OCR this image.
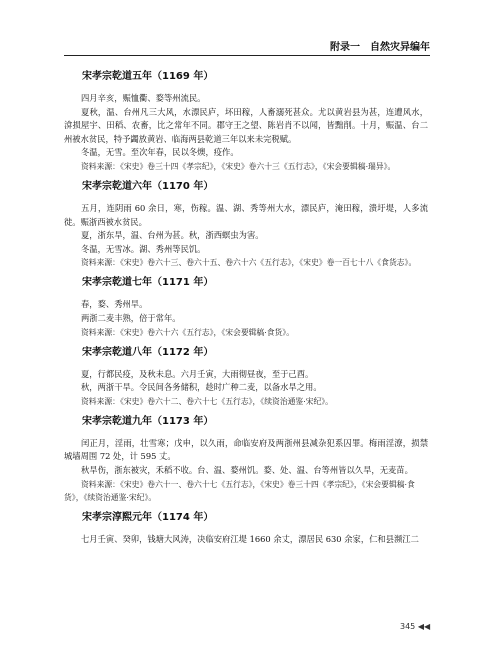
附录一　自然灾异编年
宋孝宗乾道五年（1169 年）

四月辛亥，赈恤衢、婺等州流民。

夏秋，温、台州凡三大风，水漂民庐，坏田稼，人畜溺死甚众。尤以黄岩县为甚，连遭风水，渰损屋宇、田稻、农畜，比之常年不同。郡守王之望、陈岩肖不以闻，皆黜削。十月，赈温、台二州被水贫民，特予蠲放黄岩、临海两县乾道三年以来未完税赋。

冬温，无雪。至次年春，民以冬燠，疫作。

资料来源：《宋史》卷三十四《孝宗纪》，《宋史》卷六十三《五行志》，《宋会要辑稿·瑞异》。

宋孝宗乾道六年（1170 年）

五月，连阴雨 60 余日，寒，伤稼。温、湖、秀等州大水，漂民庐，淹田稼，溃圩堤，人多流徙。赈浙西被水贫民。

夏，浙东旱，温、台州为甚。秋，浙西螟虫为害。

冬温，无雪冰。湖、秀州等民饥。

资料来源：《宋史》卷六十三、卷六十五、卷六十六《五行志》，《宋史》卷一百七十八《食货志》。

宋孝宗乾道七年（1171 年）

春，婺、秀州旱。

两浙二麦丰熟，倍于常年。

资料来源：《宋史》卷六十六《五行志》，《宋会要辑稿·食货》。

宋孝宗乾道八年（1172 年）

夏，行都民疫，及秋未息。六月壬寅，大雨彻昼夜，至于己酉。

秋，两浙干旱。令民间各务储积，趁时广种二麦，以备水旱之用。

资料来源：《宋史》卷六十二、卷六十七《五行志》，《续资治通鉴·宋纪》。

宋孝宗乾道九年（1173 年）

闰正月，淫雨，壮雪寒；戊申，以久雨，命临安府及两浙州县减杂犯系囚罪。梅雨淫潦，损禁城墙周围 72 处，计 595 丈。

秋旱伤，浙东被灾，禾稻不收。台、温、婺州饥。婺、处、温、台等州皆以久旱，无麦苗。

资料来源：《宋史》卷六十一、卷六十七《五行志》，《宋史》卷三十四《孝宗纪》，《宋会要辑稿·食货》，《续资治通鉴·宋纪》。

宋孝宗淳熙元年（1174 年）

七月壬寅、癸卯，钱塘大风涛，决临安府江堤 1660 余丈，漂居民 630 余家，仁和县濒江二

345 ◀◀
